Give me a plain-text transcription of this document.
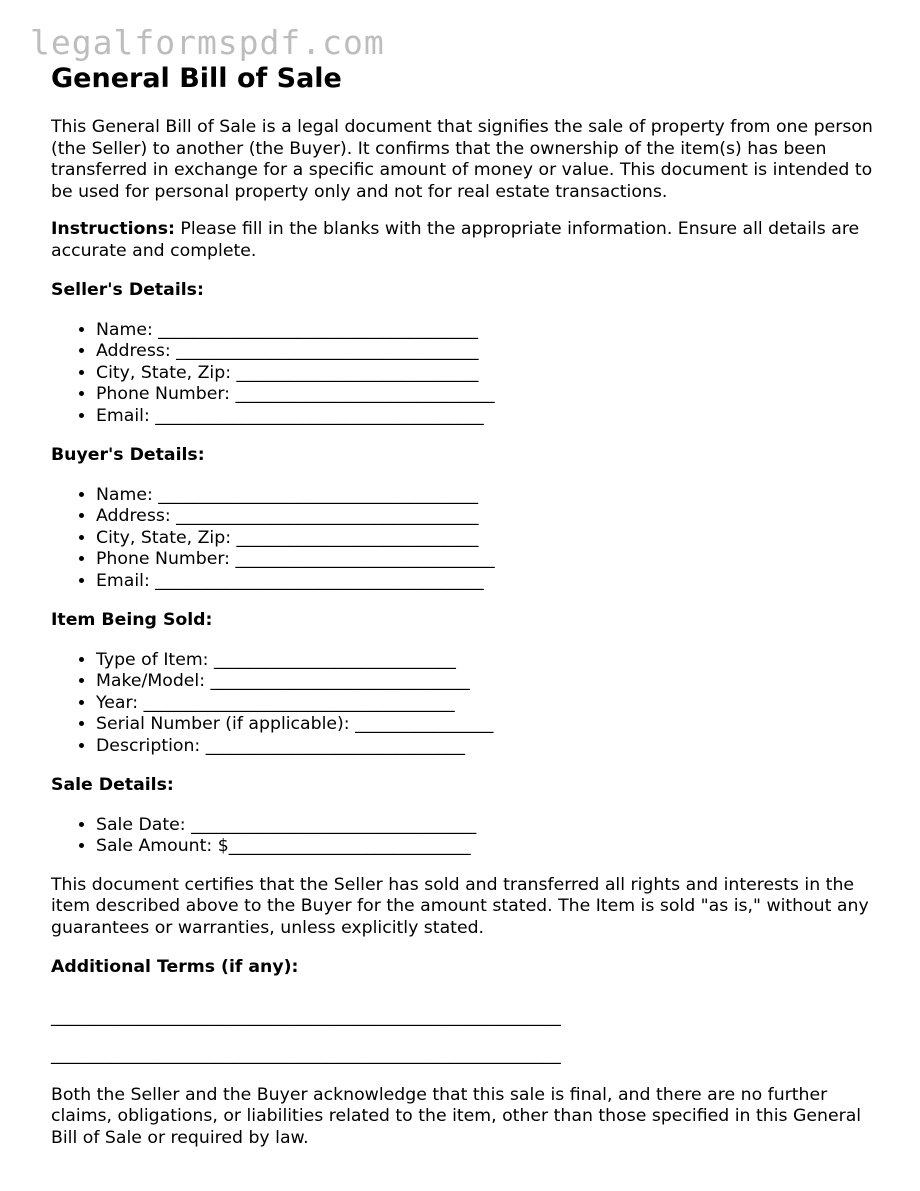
legalformspdf.com
General Bill of Sale

This General Bill of Sale is a legal document that signifies the sale of property from one person (the Seller) to another (the Buyer). It confirms that the ownership of the item(s) has been transferred in exchange for a specific amount of money or value. This document is intended to be used for personal property only and not for real estate transactions.

Instructions: Please fill in the blanks with the appropriate information. Ensure all details are accurate and complete.

Seller's Details:

• Name: _____________________________________
• Address: ___________________________________
• City, State, Zip: ____________________________
• Phone Number: ______________________________
• Email: ______________________________________

Buyer's Details:

• Name: _____________________________________
• Address: ___________________________________
• City, State, Zip: ____________________________
• Phone Number: ______________________________
• Email: ______________________________________

Item Being Sold:

• Type of Item: ____________________________
• Make/Model: ______________________________
• Year: ____________________________________
• Serial Number (if applicable): ________________
• Description: ______________________________

Sale Details:

• Sale Date: _________________________________
• Sale Amount: $____________________________

This document certifies that the Seller has sold and transferred all rights and interests in the item described above to the Buyer for the amount stated. The Item is sold "as is," without any guarantees or warranties, unless explicitly stated.

Additional Terms (if any):

___________________________________________________________

___________________________________________________________

Both the Seller and the Buyer acknowledge that this sale is final, and there are no further claims, obligations, or liabilities related to the item, other than those specified in this General Bill of Sale or required by law.
